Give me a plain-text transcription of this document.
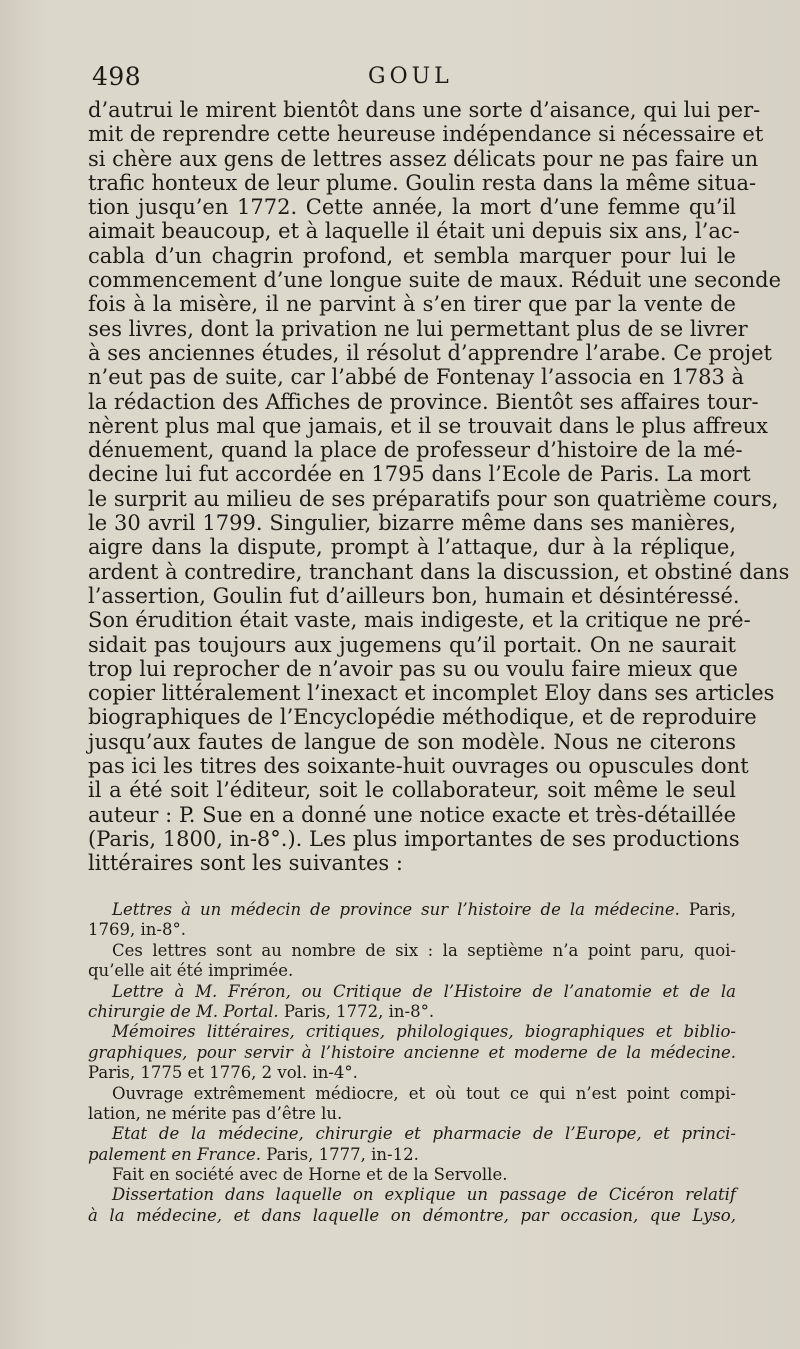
498	GOUL
d’autrui le mirent bientôt dans une sorte d’aisance, qui lui per-
mit de reprendre cette heureuse indépendance si nécessaire et
si chère aux gens de lettres assez délicats pour ne pas faire un
trafic honteux de leur plume. Goulin resta dans la même situa-
tion jusqu’en 1772. Cette année, la mort d’une femme qu’il
aimait beaucoup, et à laquelle il était uni depuis six ans, l’ac-
cabla d’un chagrin profond, et sembla marquer pour lui le
commencement d’une longue suite de maux. Réduit une seconde
fois à la misère, il ne parvint à s’en tirer que par la vente de
ses livres, dont la privation ne lui permettant plus de se livrer
à ses anciennes études, il résolut d’apprendre l’arabe. Ce projet
n’eut pas de suite, car l’abbé de Fontenay l’associa en 1783 à
la rédaction des Affiches de province. Bientôt ses affaires tour-
nèrent plus mal que jamais, et il se trouvait dans le plus affreux
dénuement, quand la place de professeur d’histoire de la mé-
decine lui fut accordée en 1795 dans l’Ecole de Paris. La mort
le surprit au milieu de ses préparatifs pour son quatrième cours,
le 30 avril 1799. Singulier, bizarre même dans ses manières,
aigre dans la dispute, prompt à l’attaque, dur à la réplique,
ardent à contredire, tranchant dans la discussion, et obstiné dans
l’assertion, Goulin fut d’ailleurs bon, humain et désintéressé.
Son érudition était vaste, mais indigeste, et la critique ne pré-
sidait pas toujours aux jugemens qu’il portait. On ne saurait
trop lui reprocher de n’avoir pas su ou voulu faire mieux que
copier littéralement l’inexact et incomplet Eloy dans ses articles
biographiques de l’Encyclopédie méthodique, et de reproduire
jusqu’aux fautes de langue de son modèle. Nous ne citerons
pas ici les titres des soixante-huit ouvrages ou opuscules dont
il a été soit l’éditeur, soit le collaborateur, soit même le seul
auteur : P. Sue en a donné une notice exacte et très-détaillée
(Paris, 1800, in-8°.). Les plus importantes de ses productions
littéraires sont les suivantes :
Lettres à un médecin de province sur l’histoire de la médecine. Paris,
1769, in-8°.
Ces lettres sont au nombre de six : la septième n’a point paru, quoi-
qu’elle ait été imprimée.
Lettre à M. Fréron, ou Critique de l’Histoire de l’anatomie et de la
chirurgie de M. Portal. Paris, 1772, in-8°.
Mémoires littéraires, critiques, philologiques, biographiques et biblio-
graphiques, pour servir à l’histoire ancienne et moderne de la médecine.
Paris, 1775 et 1776, 2 vol. in-4°.
Ouvrage extrêmement médiocre, et où tout ce qui n’est point compi-
lation, ne mérite pas d’être lu.
Etat de la médecine, chirurgie et pharmacie de l’Europe, et princi-
palement en France. Paris, 1777, in-12.
Fait en société avec de Horne et de la Servolle.
Dissertation dans laquelle on explique un passage de Cicéron relatif
à la médecine, et dans laquelle on démontre, par occasion, que Lyso,
